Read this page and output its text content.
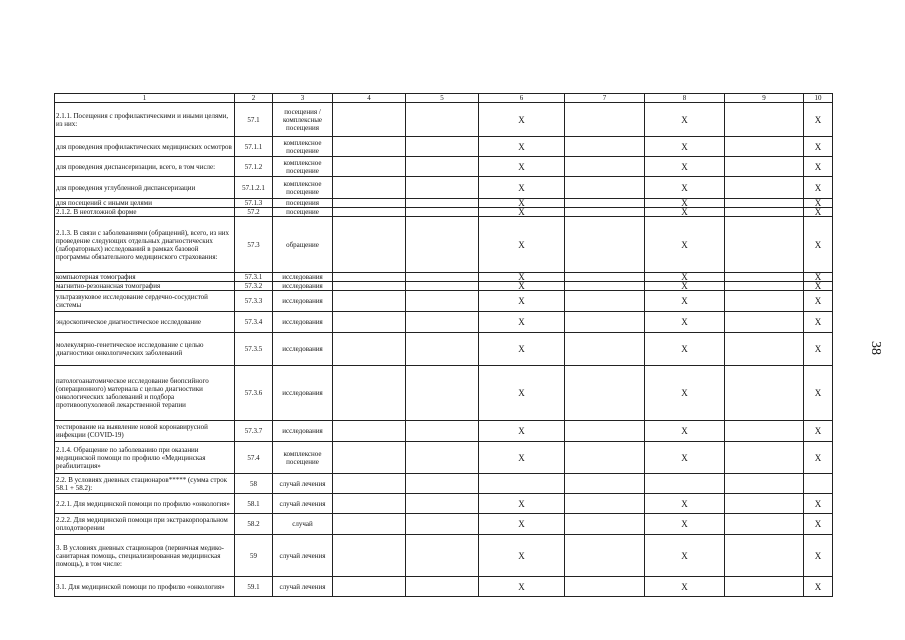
38
1	2	3	4	5	6	7	8	9	10
2.1.1. Посещения с профилактическими и иными целями, из них:	57.1	посещения / комплексные посещения			Х		Х		Х
для проведения профилактических медицинских осмотров	57.1.1	комплексное посещение			Х		Х		Х
для проведения диспансеризации, всего, в том числе:	57.1.2	комплексное посещение			Х		Х		Х
для проведения углубленной диспансеризации	57.1.2.1	комплексное посещение			Х		Х		Х
для посещений с иными целями	57.1.3	посещения			Х		Х		Х
2.1.2. В неотложной форме	57.2	посещение			Х		Х		Х
2.1.3. В связи с заболеваниями (обращений), всего, из них проведение следующих отдельных диагностических (лабораторных) исследований в рамках базовой программы обязательного медицинского страхования:	57.3	обращение			Х		Х		Х
компьютерная томография	57.3.1	исследования			Х		Х		Х
магнитно-резонансная томография	57.3.2	исследования			Х		Х		Х
ультразвуковое исследование сердечно-сосудистой системы	57.3.3	исследования			Х		Х		Х
эндоскопическое диагностическое исследование	57.3.4	исследования			Х		Х		Х
молекулярно-генетическое исследование с целью диагностики онкологических заболеваний	57.3.5	исследования			Х		Х		Х
патологоанатомическое исследование биопсийного (операционного) материала с целью диагностики онкологических заболеваний и подбора противоопухолевой лекарственной терапии	57.3.6	исследования			Х		Х		Х
тестирование на выявление новой коронавирусной инфекции (COVID-19)	57.3.7	исследования			Х		Х		Х
2.1.4. Обращение по заболеванию при оказании медицинской помощи по профилю «Медицинская реабилитация»	57.4	комплексное посещение			Х		Х		Х
2.2. В условиях дневных стационаров***** (сумма строк 58.1 + 58.2):	58	случай лечения							
2.2.1. Для медицинской помощи по профилю «онкология»	58.1	случай лечения			Х		Х		Х
2.2.2. Для медицинской помощи при экстракорпоральном оплодотворении	58.2	случай			Х		Х		Х
3. В условиях дневных стационаров (первичная медико-санитарная помощь, специализированная медицинская помощь), в том числе:	59	случай лечения			Х		Х		Х
3.1. Для медицинской помощи по профилю «онкология»	59.1	случай лечения			Х		Х		Х
